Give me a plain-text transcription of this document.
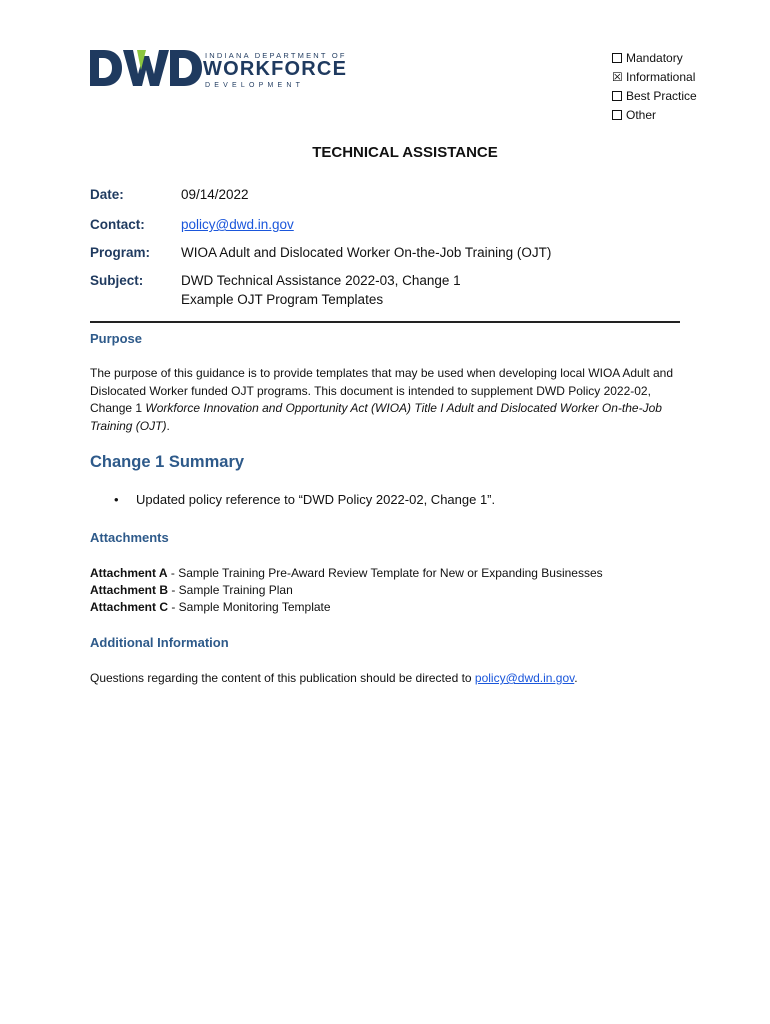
INDIANA DEPARTMENT OF
WORKFORCE
DEVELOPMENT
Mandatory
☒ Informational
Best Practice
Other
TECHNICAL ASSISTANCE
Date:	09/14/2022
Contact:	policy@dwd.in.gov
Program: WIOA Adult and Dislocated Worker On-the-Job Training (OJT)
Subject:	DWD Technical Assistance 2022-03, Change 1
Example OJT Program Templates
Purpose
The purpose of this guidance is to provide templates that may be used when developing local WIOA Adult and Dislocated Worker funded OJT programs. This document is intended to supplement DWD Policy 2022-02, Change 1 Workforce Innovation and Opportunity Act (WIOA) Title I Adult and Dislocated Worker On-the-Job Training (OJT).
Change 1 Summary
•	Updated policy reference to “DWD Policy 2022-02, Change 1”.
Attachments
Attachment A - Sample Training Pre-Award Review Template for New or Expanding Businesses
Attachment B - Sample Training Plan
Attachment C - Sample Monitoring Template
Additional Information
Questions regarding the content of this publication should be directed to policy@dwd.in.gov.
